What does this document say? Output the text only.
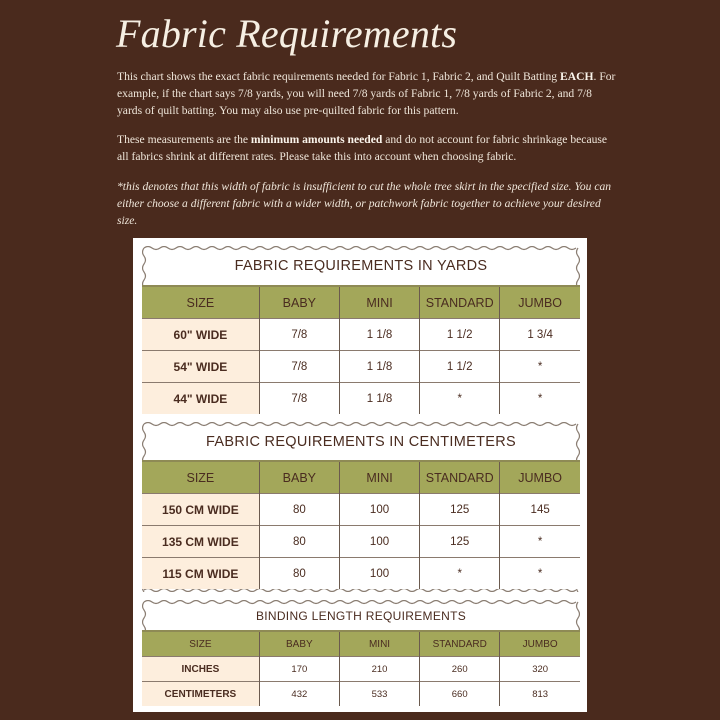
Fabric Requirements
This chart shows the exact fabric requirements needed for Fabric 1, Fabric 2, and Quilt Batting EACH. For example, if the chart says 7/8 yards, you will need 7/8 yards of Fabric 1, 7/8 yards of Fabric 2, and 7/8 yards of quilt batting. You may also use pre-quilted fabric for this pattern.
These measurements are the minimum amounts needed and do not account for fabric shrinkage because all fabrics shrink at different rates. Please take this into account when choosing fabric.
*this denotes that this width of fabric is insufficient to cut the whole tree skirt in the specified size. You can either choose a different fabric with a wider width, or patchwork fabric together to achieve your desired size.
FABRIC REQUIREMENTS IN YARDS
SIZE	BABY	MINI	STANDARD	JUMBO
60" WIDE	7/8	1 1/8	1 1/2	1 3/4
54" WIDE	7/8	1 1/8	1 1/2	*
44" WIDE	7/8	1 1/8	*	*
FABRIC REQUIREMENTS IN CENTIMETERS
SIZE	BABY	MINI	STANDARD	JUMBO
150 CM WIDE	80	100	125	145
135 CM WIDE	80	100	125	*
115 CM WIDE	80	100	*	*
BINDING LENGTH REQUIREMENTS
SIZE	BABY	MINI	STANDARD	JUMBO
INCHES	170	210	260	320
CENTIMETERS	432	533	660	813
